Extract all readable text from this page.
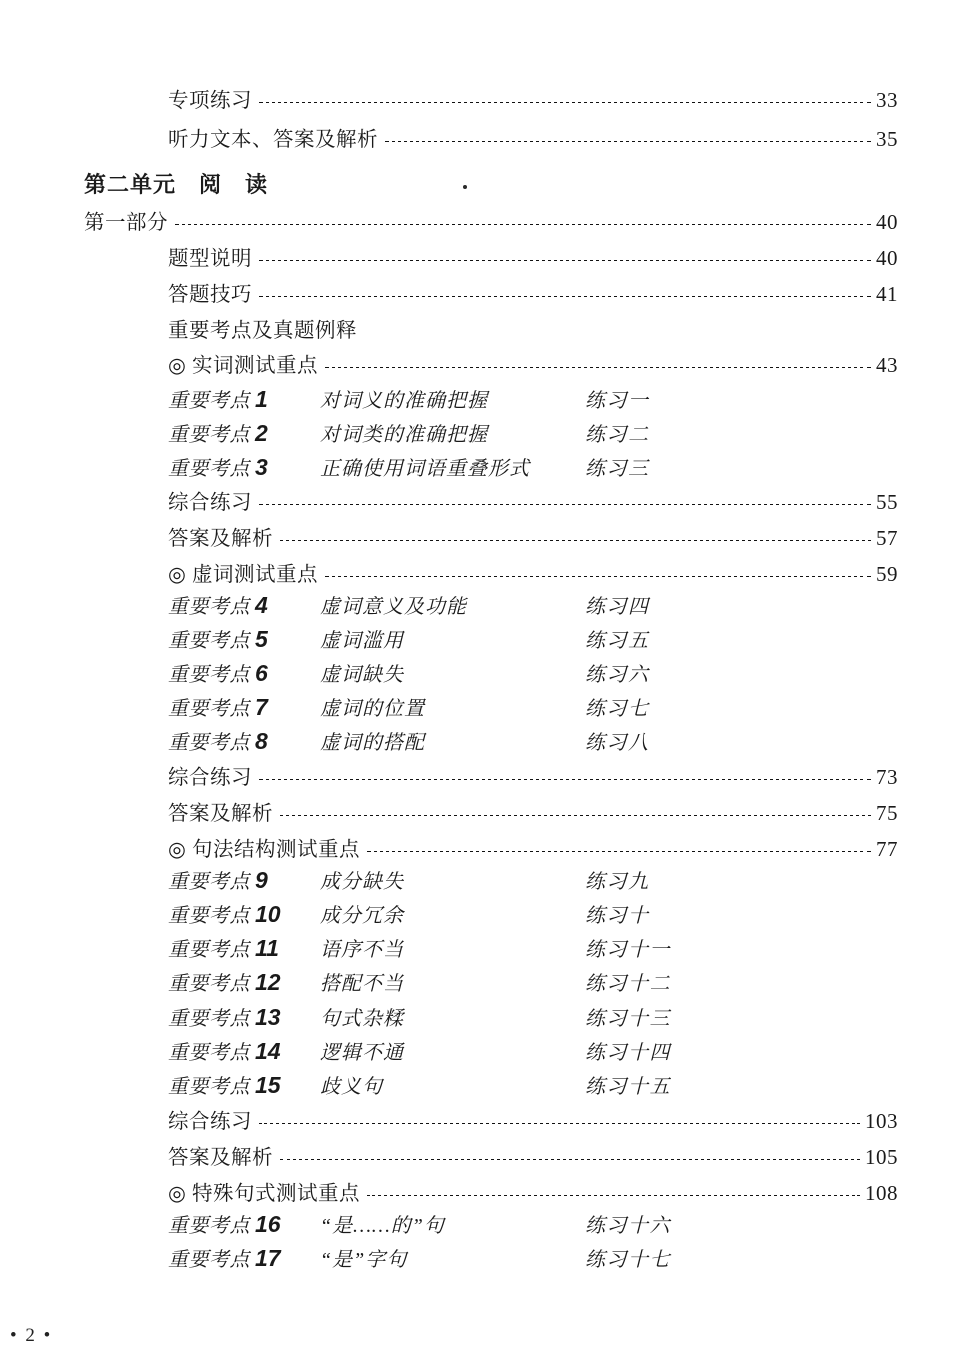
专项练习	33
听力文本、答案及解析	35
第二单元　阅　读
第一部分	40
题型说明	40
答题技巧	41
重要考点及真题例释
◎ 实词测试重点	43
重要考点 1	对词义的准确把握	练习一
重要考点 2	对词类的准确把握	练习二
重要考点 3	正确使用词语重叠形式	练习三
综合练习	55
答案及解析	57
◎ 虚词测试重点	59
重要考点 4	虚词意义及功能	练习四
重要考点 5	虚词滥用	练习五
重要考点 6	虚词缺失	练习六
重要考点 7	虚词的位置	练习七
重要考点 8	虚词的搭配	练习八
综合练习	73
答案及解析	75
◎ 句法结构测试重点	77
重要考点 9	成分缺失	练习九
重要考点 10 成分冗余	练习十
重要考点 11 语序不当	练习十一
重要考点 12 搭配不当	练习十二
重要考点 13 句式杂糅	练习十三
重要考点 14 逻辑不通	练习十四
重要考点 15 歧义句	练习十五
综合练习	103
答案及解析	105
◎ 特殊句式测试重点	108
重要考点 16 “是……的”句	练习十六
重要考点 17 “是”字句	练习十七
• 2 •
